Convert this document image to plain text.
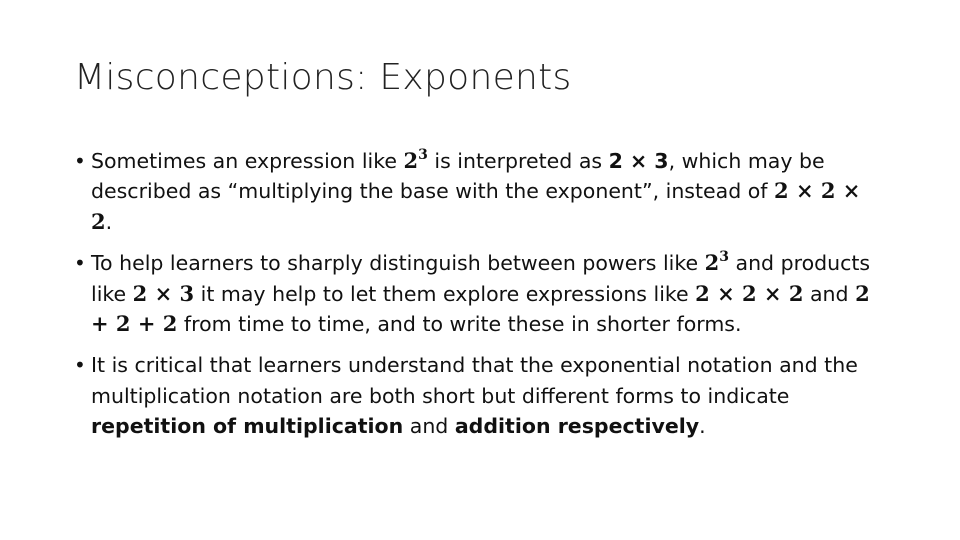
Misconceptions: Exponents
• Sometimes an expression like $2^3$ is interpreted as 2 × 3, which may be described as “multiplying the base with the exponent”, instead of 2 × 2 × 2.
• To help learners to sharply distinguish between powers like $2^3$ and products like 2 × 3 it may help to let them explore expressions like 2 × 2 × 2 and 2 + 2 + 2 from time to time, and to write these in shorter forms.
• It is critical that learners understand that the exponential notation and the multiplication notation are both short but different forms to indicate repetition of multiplication and addition respectively.
